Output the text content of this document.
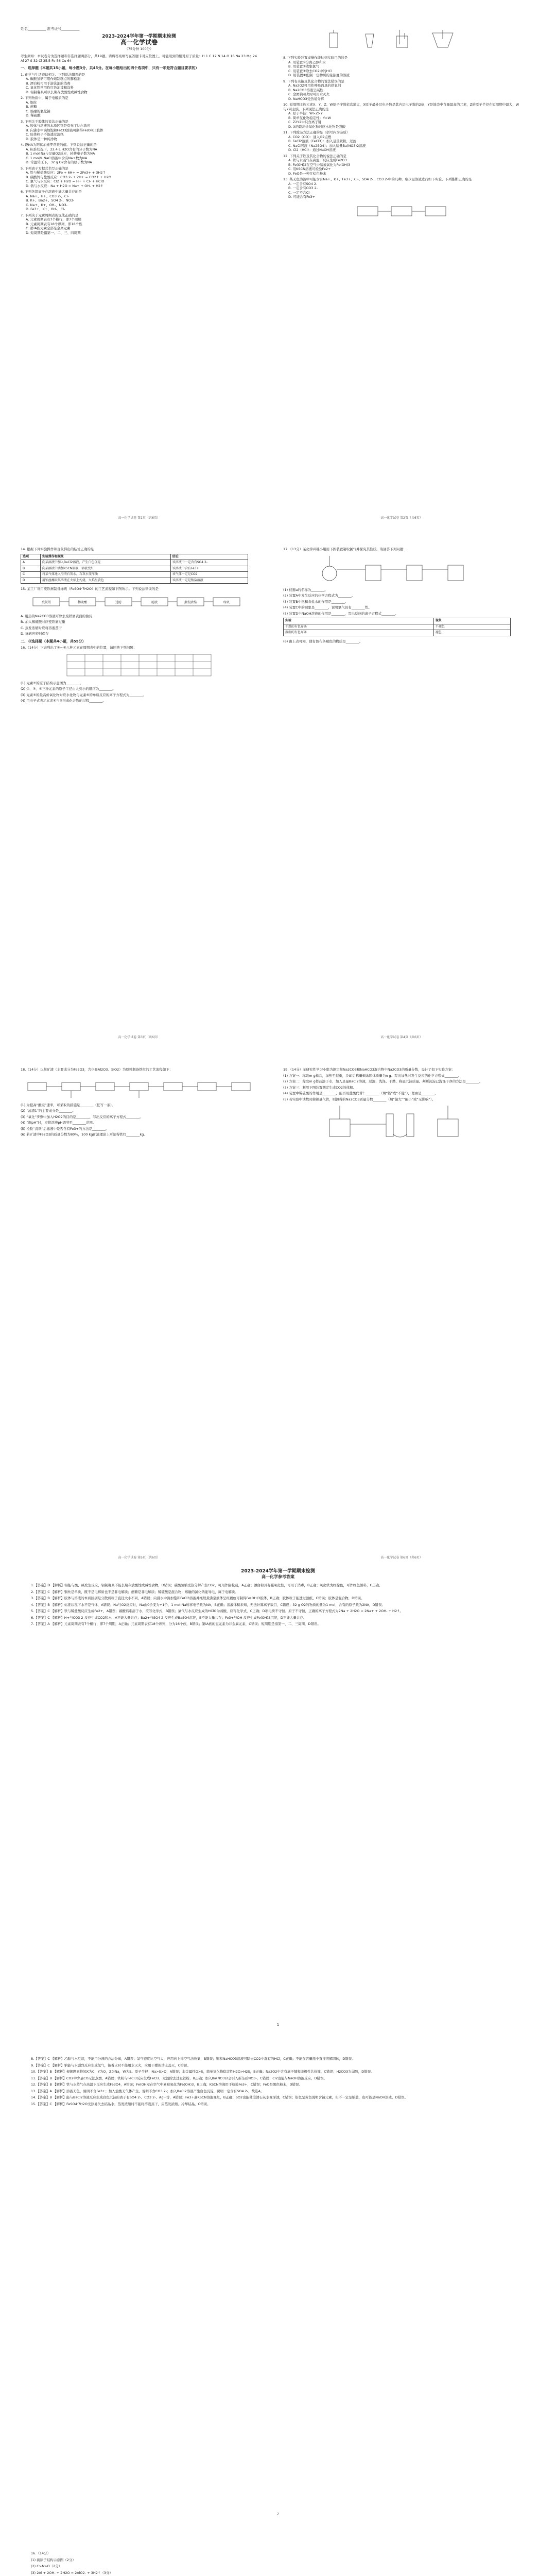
姓名__________ 准考证号__________
2023-2024学年第一学期期末检测
高一化学试卷
（75分钟 100分）
考生须知：本试卷分为选择题和非选择题两部分，共19题。请将答案填写在答题卡对应位置上。可能用到的相对原子质量：H 1 C 12 N 14 O 16 Na 23 Mg 24 Al 27 S 32 Cl 35.5 Fe 56 Cu 64
一、选择题（本题共15小题，每小题3分，共45分。在每小题给出的四个选项中，只有一项是符合题目要求的）
1. 化学与生活密切相关。下列说法错误的是
A. 碳酸氢钠可用作焙制糕点的膨松剂
B. 漂白粉可用于游泳池的消毒
C. 氧化铁常用作红色油漆和涂料
D. 铝制餐具可以长期存放酸性或碱性食物
2. 下列物质中，属于电解质的是
A. 铜丝
B. 蔗糖
C. 熔融的氯化钠
D. 稀硫酸
3. 下列关于胶体的说法正确的是
A. 胶体与溶液的本质区别是有无丁达尔效应
B. 向沸水中滴加饱和FeCl3溶液可制得Fe(OH)3胶体
C. 胶体粒子不能透过滤纸
D. 胶体是一种纯净物
4. 设NA为阿伏加德罗常数的值。下列说法正确的是
A. 标准状况下，22.4 L H2O含有的分子数为NA
B. 1 mol Na与足量O2反应，转移电子数为NA
C. 1 mol/L NaCl溶液中含有Na+数为NA
D. 常温常压下，32 g O2含有的原子数为NA
5. 下列离子方程式书写正确的是
A. 铁与稀盐酸反应：2Fe + 6H+ = 2Fe3+ + 3H2↑
B. 碳酸钙与盐酸反应：CO3 2- + 2H+ = CO2↑ + H2O
C. 氯气与水反应：Cl2 + H2O = H+ + Cl- + HClO
D. 钠与水反应：Na + H2O = Na+ + OH- + H2↑
6. 下列各组离子在溶液中能大量共存的是
A. Na+、H+、CO3 2-、Cl-
B. K+、Ba2+、SO4 2-、NO3-
C. Na+、K+、OH-、NO3-
D. Fe3+、K+、OH-、Cl-
7. 下列关于元素周期表的说法正确的是
A. 元素周期表有7个横行，即7个周期
B. 元素周期表有18个纵列，即18个族
C. 第ⅠA族元素全部是金属元素
D. 短周期是指第一、二、三、四周期
高一化学试卷 第1页（共6页）
8. 下列实验装置或操作能达到实验目的的是
A. 用装置①分离乙醇和水
B. 用装置②收集氯气
C. 用装置③除去CO2中的HCl
D. 用装置④配制一定物质的量浓度的溶液
9. 下列有关钠及其化合物的说法错误的是
A. Na2O2可用作呼吸面具的供氧剂
B. Na2CO3溶液呈碱性
C. 金属钠着火时可用水灭火
D. NaHCO3受热易分解
10. 短周期主族元素X、Y、Z、W原子序数依次增大，X原子最外层电子数是其内层电子数的2倍，Y是地壳中含量最高的元素，Z的原子半径在短周期中最大，W与Y同主族。下列说法正确的是
A. 原子半径：W>Z>Y
B. 简单氢化物稳定性：Y>W
C. Z2Y2中只含离子键
D. X的最高价氧化物对应水化物是强酸
11. 下列除杂方法正确的是（括号内为杂质）
A. CO2（CO）：通入O2点燃
B. FeCl2溶液（FeCl3）：加入足量铁粉，过滤
C. NaCl溶液（Na2SO4）：加入适量Ba(NO3)2溶液
D. Cl2（HCl）：通过NaOH溶液
12. 下列关于铁及其化合物的说法正确的是
A. 铁与水蒸气在高温下反应生成Fe2O3
B. Fe(OH)2在空气中易被氧化为Fe(OH)3
C. 用KSCN溶液可检验Fe2+
D. FeO是一种红棕色粉末
13. 某无色溶液中可能含有Na+、K+、Fe3+、Cl-、SO4 2-、CO3 2-中的几种，取少量溶液进行如下实验。下列推断正确的是
A. 一定含有SO4 2-
B. 一定含有CO3 2-
C. 一定不含Cl-
D. 可能含有Fe3+
高一化学试卷 第2页（共6页）
14. 根据下列实验操作和现象得出的结论正确的是
选项	实验操作和现象	结论
A	向某溶液中加入BaCl2溶液，产生白色沉淀	该溶液中一定含有SO4 2-
B	向某溶液中滴加KSCN溶液，溶液变红	该溶液中含有Fe3+
C	将某气体通入澄清石灰水，石灰水变浑浊	该气体一定是CO2
D	用铂丝蘸取某溶液在火焰上灼烧，火焰呈黄色	该溶液一定是钠盐溶液
15. 某工厂利用废铁屑制备绿矾（FeSO4·7H2O）的工艺流程如下图所示。下列说法错误的是
废铁屑	稀硫酸	过滤	滤液	蒸发浓缩	绿矾
A. 用热的Na2CO3溶液可除去废铁屑表面的油污
B. 加入稀硫酸时应使铁屑过量
C. 蒸发浓缩时应将溶液蒸干
D. 绿矾应密封保存
二、非选择题（本题共4小题，共55分）
16.（14分）下表列出了①～⑧八种元素在周期表中的位置，请回答下列问题：
(1) 元素⑦的原子结构示意图为________。
(2) ②、③、④三种元素的原子半径由大到小的顺序为________。
(3) 元素⑤的最高价氧化物对应水化物与元素⑥的单质反应的离子方程式为________。
(4) 用电子式表示元素④与⑤形成化合物的过程________。
高一化学试卷 第3页（共6页）
17.（13分）某化学兴趣小组用下图装置制取氯气并探究其性质。请回答下列问题：
(1) 仪器a的名称为________。
(2) 装置A中发生反应的化学方程式为________。
(3) 装置B中饱和食盐水的作用是________。
(4) 装置C中的现象是________，说明氯气具有________性。
(5) 装置D中NaOH溶液的作用是________，写出反应的离子方程式________。
实验	现象
干燥的有色布条	不褪色
湿润的有色布条	褪色
(6) 由上表可知，使有色布条褪色的物质是________。
高一化学试卷 第4页（共6页）
18.（14分）以某矿渣（主要成分为Fe2O3，含少量Al2O3、SiO2）为原料制备铁红的工艺流程如下：
(1) 为提高“酸浸”速率，可采取的措施是________（任写一条）。
(2) “滤渣1”的主要成分是________。
(3) “氧化”步骤中加入H2O2的目的是________，写出反应的离子方程式________。
(4) “调pH”时，应将溶液pH调节至________范围。
(5) 检验“沉铁”后滤液中是否含有Fe3+的方法是________。
(6) 若矿渣中Fe2O3的质量分数为80%，100 kg矿渣理论上可制得铁红________kg。
高一化学试卷 第5页（共6页）
19.（14分）某研究性学习小组为测定某Na2CO3和NaHCO3混合物中Na2CO3的质量分数，设计了如下实验方案：
(1) 方案一：称取m g样品，加热至恒重，冷却后称量剩余固体质量为n g。写出加热时发生反应的化学方程式________。
(2) 方案二：称取m g样品溶于水，加入足量BaCl2溶液，过滤、洗涤、干燥、称量沉淀质量。判断沉淀已洗涤干净的方法是________。
(3) 方案三：利用下图装置测定生成CO2的体积。
(4) 装置中稀硫酸的作用是________，能否用盐酸代替？________（填“能”或“不能”），理由是________。
(5) 若实验中读数时俯视量气管，则测得的Na2CO3质量分数________（填“偏大”“偏小”或“无影响”）。
高一化学试卷 第6页（共6页）
2023-2024学年第一学期期末检测
高一化学参考答案
1.【答案】D 【解析】铝能与酸、碱发生反应，铝制餐具不能长期存放酸性或碱性食物，D错误；碳酸氢钠受热分解产生CO2，可用作膨松剂，A正确；漂白粉具有强氧化性，可用于消毒，B正确；氧化铁为红棕色，可作红色颜料，C正确。
2.【答案】C 【解析】铜丝是单质，既不是电解质也不是非电解质；蔗糖是非电解质；稀硫酸是混合物；熔融的氯化钠能导电，属于电解质。
3.【答案】B 【解析】胶体与溶液的本质区别是分散质粒子直径大小不同，A错误；向沸水中滴加饱和FeCl3溶液并继续煮沸至液体呈红褐色可制得Fe(OH)3胶体，B正确；胶体粒子能透过滤纸，C错误；胶体是混合物，D错误。
4.【答案】B 【解析】标准状况下水不是气体，A错误；Na与O2反应时，Na由0价变为+1价，1 mol Na转移电子数为NA，B正确；溶液体积未知，无法计算离子数目，C错误；32 g O2的物质的量为1 mol，含有的原子数为2NA，D错误。
5.【答案】C 【解析】铁与稀盐酸反应生成Fe2+，A错误；碳酸钙难溶于水，应写化学式，B错误；氯气与水反应生成的HClO为弱酸，应写化学式，C正确；D项电荷不守恒、原子不守恒，正确的离子方程式为2Na + 2H2O = 2Na+ + 2OH- + H2↑。
6.【答案】C 【解析】H+与CO3 2-反应生成CO2和水，A不能大量共存；Ba2+与SO4 2-反应生成BaSO4沉淀，B不能大量共存；Fe3+与OH-反应生成Fe(OH)3沉淀，D不能大量共存。
7.【答案】A 【解析】元素周期表有7个横行，即7个周期，A正确；元素周期表有18个纵列，分为16个族，B错误；第ⅠA族的氢元素为非金属元素，C错误；短周期是指第一、二、三周期，D错误。
1
8.【答案】C 【解析】乙醇与水互溶，不能用分液的方法分离，A错误；氯气密度比空气大，应用向上排空气法收集，B错误；饱和NaHCO3溶液可除去CO2中混有的HCl，C正确；不能在容量瓶中直接溶解固体，D错误。
9.【答案】C 【解析】钠能与水剧烈反应生成氢气，钠着火时不能用水灭火，应用干燥的沙土盖灭，C错误。
10.【答案】B 【解析】根据题意推知X为C，Y为O，Z为Na，W为S。原子半径：Na>S>O，A错误；非金属性O>S，简单氢化物稳定性H2O>H2S，B正确；Na2O2中含有离子键和非极性共价键，C错误；H2CO3为弱酸，D错误。
11.【答案】B 【解析】CO2中少量CO无法点燃，A错误；铁粉与FeCl3反应生成FeCl2，过滤除去过量铁粉，B正确；加入Ba(NO3)2会引入新杂质NO3-，C错误；Cl2也能与NaOH溶液反应，D错误。
12.【答案】B 【解析】铁与水蒸气在高温下反应生成Fe3O4，A错误；Fe(OH)2在空气中易被氧化为Fe(OH)3，B正确；KSCN溶液用于检验Fe3+，C错误；FeO是黑色粉末，D错误。
13.【答案】A 【解析】溶液无色，说明不含Fe3+；加入盐酸无气体产生，说明不含CO3 2-；加入BaCl2溶液产生白色沉淀，说明一定含有SO4 2-，故选A。
14.【答案】B 【解析】能与BaCl2溶液反应生成白色沉淀的离子有SO4 2-、CO3 2-、Ag+等，A错误；Fe3+遇KSCN溶液变红，B正确；SO2也能使澄清石灰水变浑浊，C错误；焰色呈黄色说明含钠元素，但不一定是钠盐，也可能是NaOH溶液，D错误。
15.【答案】C 【解析】FeSO4·7H2O受热易失去结晶水，蒸发浓缩时不能将溶液蒸干，应蒸发浓缩、冷却结晶，C错误。
2
16.（14分）
(1) 硫原子结构示意图（2分）
(2) C>N>O（2分）
(3) 2Al + 2OH- + 2H2O = 2AlO2- + 3H2↑（3分）
